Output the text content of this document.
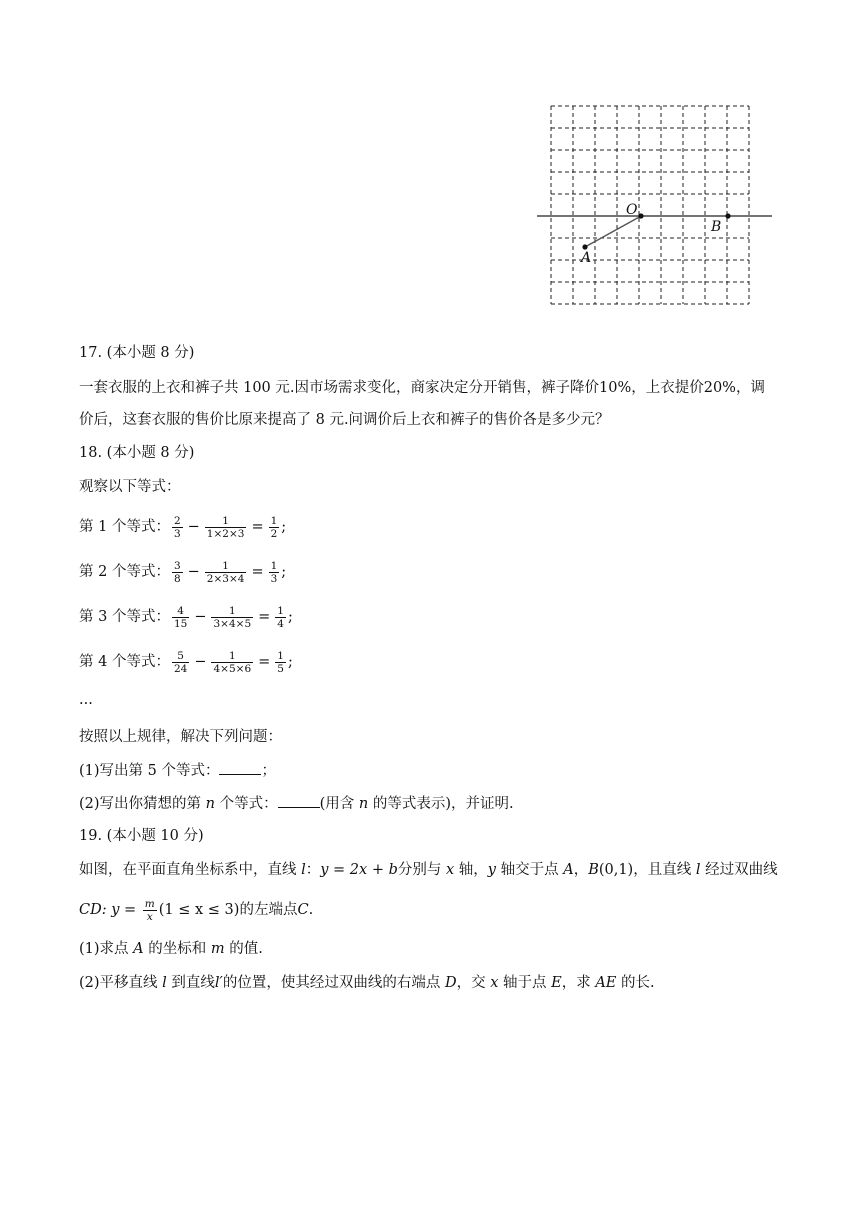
O
B
A
17. (本小题 8 分)
一套衣服的上衣和裤子共 100 元.因市场需求变化，商家决定分开销售，裤子降价10%，上衣提价20%，调
价后，这套衣服的售价比原来提高了 8 元.问调价后上衣和裤子的售价各是多少元？
18. (本小题 8 分)
观察以下等式：
第 1 个等式： $\frac{2}{3} - \frac{1}{1\times 2\times 3} = \frac{1}{2}$ ;
第 2 个等式： $\frac{3}{8} - \frac{1}{2\times 3\times 4} = \frac{1}{3}$ ;
第 3 个等式： $\frac{4}{15} - \frac{1}{3\times 4\times 5} = \frac{1}{4}$ ;
第 4 个等式： $\frac{5}{24} - \frac{1}{4\times 5\times 6} = \frac{1}{5}$ ;
···
按照以上规律，解决下列问题：
(1)写出第 5 个等式：	；
(2)写出你猜想的第 n 个等式：	(用含 n 的等式表示)，并证明.
19. (本小题 10 分)
如图，在平面直角坐标系中，直线 l：y = 2x + b分别与 x 轴，y 轴交于点 A，B(0,1)，且直线 l 经过双曲线
CD: $y = \frac{m}{x} (1 \le x \le 3)$的左端点C.
(1)求点 A 的坐标和 m 的值.
(2)平移直线 l 到直线l′的位置，使其经过双曲线的右端点 D，交 x 轴于点 E，求 AE 的长.
